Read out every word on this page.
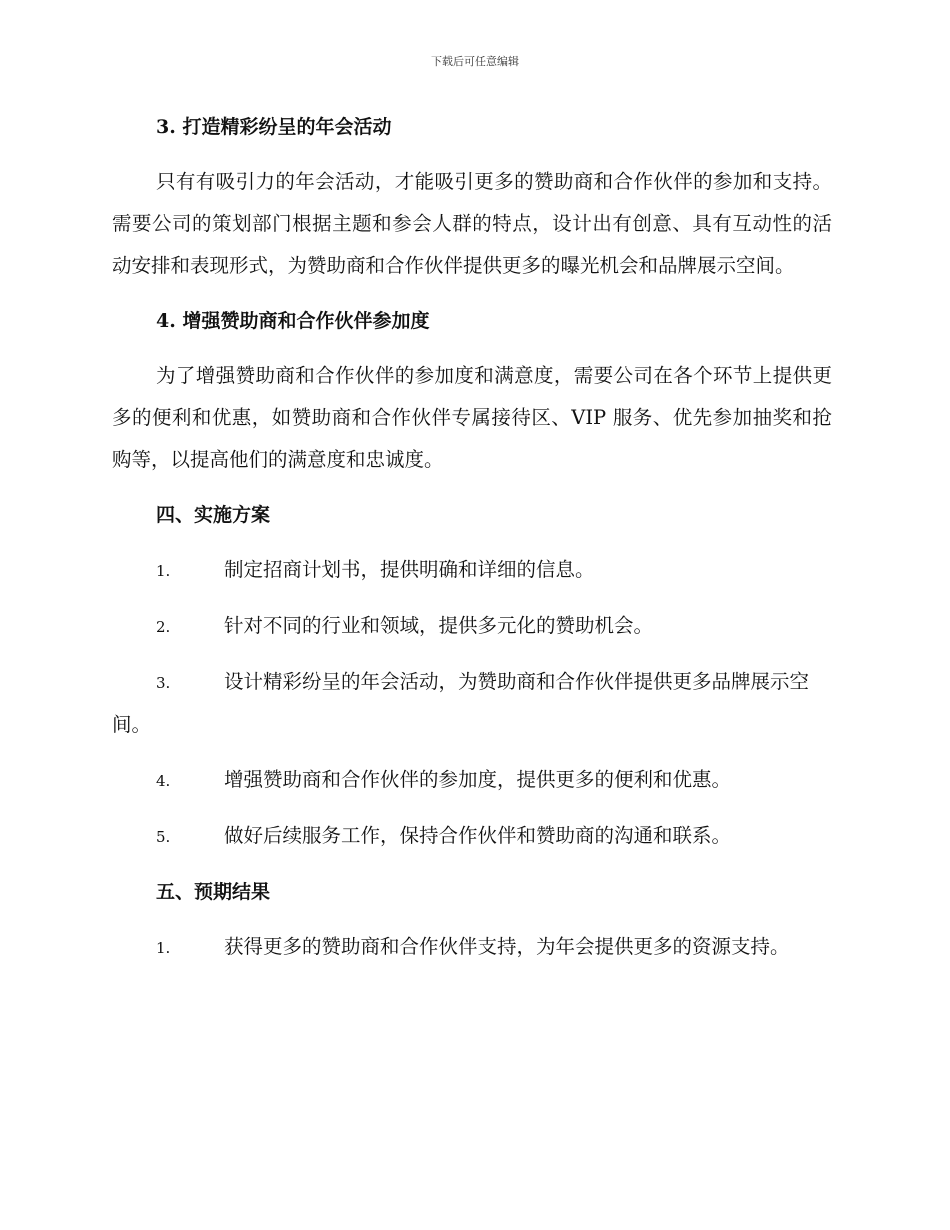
下载后可任意编辑

3. 打造精彩纷呈的年会活动

只有有吸引力的年会活动，才能吸引更多的赞助商和合作伙伴的参加和支持。需要公司的策划部门根据主题和参会人群的特点，设计出有创意、具有互动性的活动安排和表现形式，为赞助商和合作伙伴提供更多的曝光机会和品牌展示空间。

4. 增强赞助商和合作伙伴参加度

为了增强赞助商和合作伙伴的参加度和满意度，需要公司在各个环节上提供更多的便利和优惠，如赞助商和合作伙伴专属接待区、VIP 服务、优先参加抽奖和抢购等，以提高他们的满意度和忠诚度。

四、实施方案

1.	制定招商计划书，提供明确和详细的信息。

2.	针对不同的行业和领域，提供多元化的赞助机会。

3.	设计精彩纷呈的年会活动，为赞助商和合作伙伴提供更多品牌展示空间。

4.	增强赞助商和合作伙伴的参加度，提供更多的便利和优惠。

5.	做好后续服务工作，保持合作伙伴和赞助商的沟通和联系。

五、预期结果

1.	获得更多的赞助商和合作伙伴支持，为年会提供更多的资源支持。
